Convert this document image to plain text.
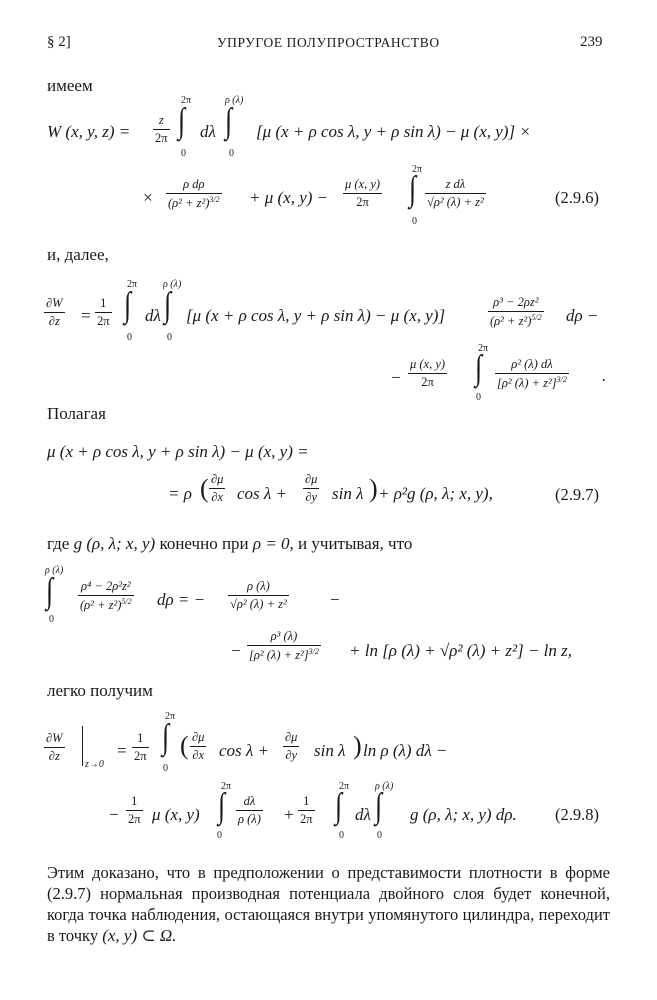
§ 2]	УПРУГОЕ ПОЛУПРОСТРАНСТВО	239
имеем
W (x, y, $z) = \frac{z}{2\pi}$
2π
∫
0
dλ
ρ (λ)
∫
0
[μ (x + ρ cos λ, y + ρ sin λ) − μ (x, y)] ×
× $\frac{\text{ρ dρ}}{(\rho^2 + z^2)^{3/2}} + \mu$ (x, $y) - \frac{\mu (x, y)}{2\pi}$
2π
∫
0
$\frac{\text{z dλ}}{\text{√ρ² (λ) + z²}}$	(2.9.6)
и, далее,
$\frac{\partial W}{\partial z} = \frac{1}{2\pi}$
2π
∫
0
dλ
ρ (λ)
∫
0
[μ (x + ρ cos λ, y + ρ sin λ) − μ (x, y)]	$\frac{\text{ρ³ − 2ρz²}}{(\rho^2 + z^2)^{5/2}}$ dρ −
− $\frac{\mu (x, y)}{2\pi}$
2π
∫
0
$\frac{\text{ρ² (λ) dλ}}{[\rho^2 (\lambda) + z^2]^{3/2}}$ .
Полагая
μ (x + ρ cos λ, y + ρ sin λ) − μ (x, y) =
= ρ ( $\frac{\partial\mu}{\partial x}$ $\cos \lambda + \frac{\partial\mu}{\partial y}$ sin λ ) + ρ²g (ρ, λ; x, y),	(2.9.7)
где g (ρ, λ; x, y) конечно при ρ = 0, и учитывая, что
ρ (λ)
∫
0
$\frac{\text{ρ⁴ − 2ρ²z²}}{(\rho^2 + z^2)^{5/2}}$ dρ = − $\frac{\rho (\lambda)}{\text{√ρ² (λ) + z²}}$ −
− $\frac{\text{ρ³ (λ)}}{[\rho^2 (\lambda) + z^2]^{3/2}} + \ln [\rho$ (λ) + √ρ² (λ) + z²] − ln z,
легко получим
$\frac{\partial W}{\partial z}$
z→0
= $\frac{1}{2\pi}$
2π
∫
0
( $\frac{\partial\mu}{\partial x}$ $\cos \lambda + \frac{\partial\mu}{\partial y}$ sin λ ) ln ρ (λ) dλ −
− $\frac{1}{2\pi}$ μ (x, y)
2π
∫
0
$\frac{d\lambda}{\rho (\lambda)} + \frac{1}{2\pi}$
2π
∫
0
dλ
ρ (λ)
∫
0
g (ρ, λ; x, y) dρ. (2.9.8)
Этим доказано, что в предположении о представимости плотности в форме (2.9.7) нормальная производная потенциала двойного слоя будет конечной, когда точка наблюдения, остающаяся внутри упомянутого цилиндра, переходит в точку (x, y) ⊂ Ω.
